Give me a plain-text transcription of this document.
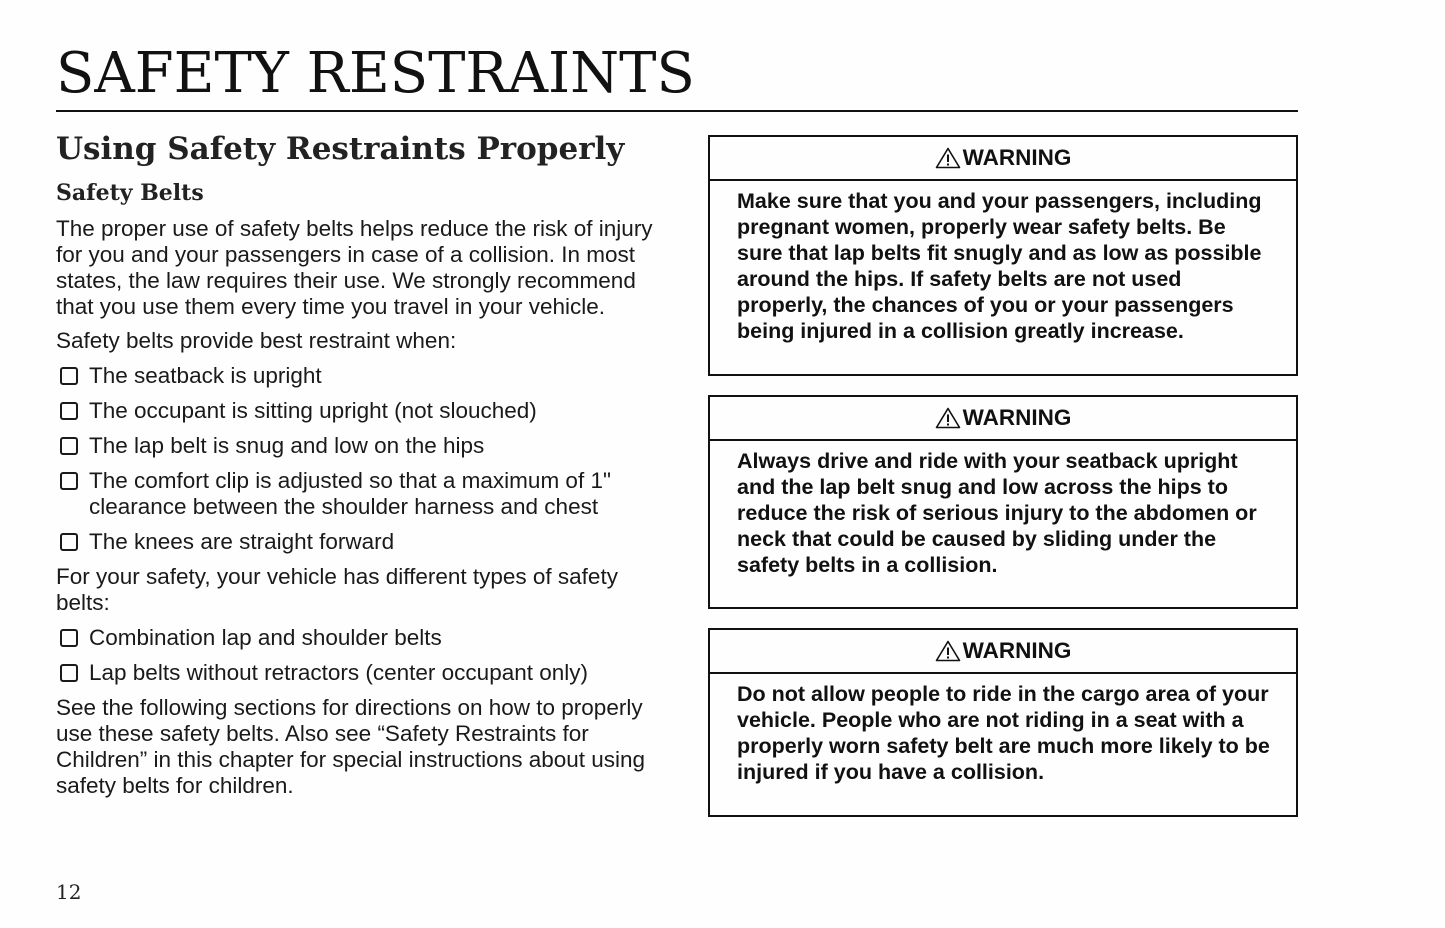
SAFETY RESTRAINTS
Using Safety Restraints Properly
Safety Belts

The proper use of safety belts helps reduce the risk of injury for you and your passengers in case of a collision. In most states, the law requires their use. We strongly recommend that you use them every time you travel in your vehicle.

Safety belts provide best restraint when:

The seatback is upright
The occupant is sitting upright (not slouched)
The lap belt is snug and low on the hips
The comfort clip is adjusted so that a maximum of 1" clearance between the shoulder harness and chest
The knees are straight forward

For your safety, your vehicle has different types of safety belts:

Combination lap and shoulder belts
Lap belts without retractors (center occupant only)

See the following sections for directions on how to properly use these safety belts. Also see “Safety Restraints for Children” in this chapter for special instructions about using safety belts for children.

12
WARNING

Make sure that you and your passengers, including pregnant women, properly wear safety belts. Be sure that lap belts fit snugly and as low as possible around the hips. If safety belts are not used properly, the chances of you or your passengers being injured in a collision greatly increase.

WARNING

Always drive and ride with your seatback upright and the lap belt snug and low across the hips to reduce the risk of serious injury to the abdomen or neck that could be caused by sliding under the safety belts in a collision.

WARNING

Do not allow people to ride in the cargo area of your vehicle. People who are not riding in a seat with a properly worn safety belt are much more likely to be injured if you have a collision.
